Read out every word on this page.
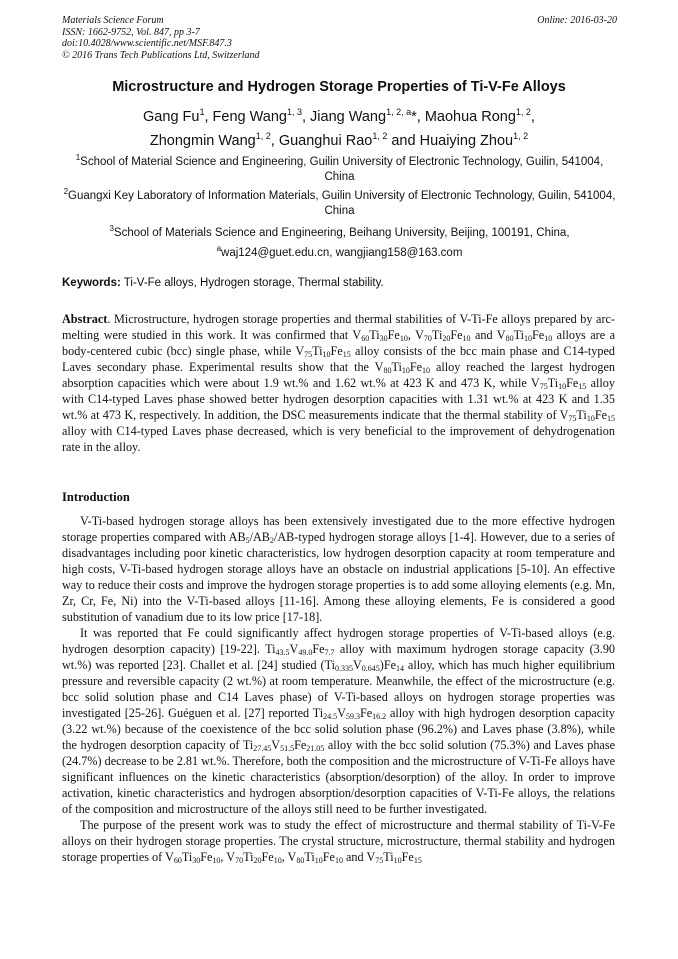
Materials Science Forum
ISSN: 1662-9752, Vol. 847, pp 3-7
doi:10.4028/www.scientific.net/MSF.847.3
© 2016 Trans Tech Publications Ltd, Switzerland
Online: 2016-03-20
Microstructure and Hydrogen Storage Properties of Ti-V-Fe Alloys
Gang Fu$^1$, Feng Wang$^{1, 3}$, Jiang Wang$^{1, 2, a}$*, Maohua Rong$^{1, 2}$,
Zhongmin Wang$^{1, 2}$, Guanghui Rao$^{1, 2}$ and Huaiying Zhou$^{1, 2}$
$^1$School of Material Science and Engineering, Guilin University of Electronic Technology, Guilin, 541004, China
$^2$Guangxi Key Laboratory of Information Materials, Guilin University of Electronic Technology, Guilin, 541004, China
$^3$School of Materials Science and Engineering, Beihang University, Beijing, 100191, China,
$^a$waj124@guet.edu.cn, wangjiang158@163.com
Keywords: Ti-V-Fe alloys, Hydrogen storage, Thermal stability.

Abstract. Microstructure, hydrogen storage properties and thermal stabilities of V-Ti-Fe alloys prepared by arc-melting were studied in this work. It was confirmed that $V_{60}Ti_{30}Fe_{10}$, $V_{70}Ti_{20}Fe_{10}$ and $V_{80}Ti_{10}Fe_{10}$ alloys are a body-centered cubic (bcc) single phase, while $V_{75}Ti_{10}Fe_{15}$ alloy consists of the bcc main phase and C14-typed Laves secondary phase. Experimental results show that the $V_{80}Ti_{10}Fe_{10}$ alloy reached the largest hydrogen absorption capacities which were about 1.9 wt.% and 1.62 wt.% at 423 K and 473 K, while $V_{75}Ti_{10}Fe_{15}$ alloy with C14-typed Laves phase showed better hydrogen desorption capacities with 1.31 wt.% at 423 K and 1.35 wt.% at 473 K, respectively. In addition, the DSC measurements indicate that the thermal stability of $V_{75}Ti_{10}Fe_{15}$ alloy with C14-typed Laves phase decreased, which is very beneficial to the improvement of dehydrogenation rate in the alloy.

Introduction

V-Ti-based hydrogen storage alloys has been extensively investigated due to the more effective hydrogen storage properties compared with $AB_5/AB_2/AB$-typed hydrogen storage alloys [1-4]. However, due to a series of disadvantages including poor kinetic characteristics, low hydrogen desorption capacity at room temperature and high costs, V-Ti-based hydrogen storage alloys have an obstacle on industrial applications [5-10]. An effective way to reduce their costs and improve the hydrogen storage properties is to add some alloying elements (e.g. Mn, Zr, Cr, Fe, Ni) into the V-Ti-based alloys [11-16]. Among these alloying elements, Fe is considered a good substitution of vanadium due to its low price [17-18].

It was reported that Fe could significantly affect hydrogen storage properties of V-Ti-based alloys (e.g. hydrogen desorption capacity) [19-22]. $Ti_{43.5}V_{49.0}Fe_{7.7}$ alloy with maximum hydrogen storage capacity (3.90 wt.%) was reported [23]. Challet et al. [24] studied $(Ti_{0.335}V_{0.645})Fe_{14}$ alloy, which has much higher equilibrium pressure and reversible capacity (2 wt.%) at room temperature. Meanwhile, the effect of the microstructure (e.g. bcc solid solution phase and C14 Laves phase) of V-Ti-based alloys on hydrogen storage properties was investigated [25-26]. Guéguen et al. [27] reported $Ti_{24.5}V_{59.3}Fe_{16.2}$ alloy with high hydrogen desorption capacity (3.22 wt.%) because of the coexistence of the bcc solid solution phase (96.2%) and Laves phase (3.8%), while the hydrogen desorption capacity of $Ti_{27.45}V_{51.5}Fe_{21.05}$ alloy with the bcc solid solution (75.3%) and Laves phase (24.7%) decrease to be 2.81 wt.%. Therefore, both the composition and the microstructure of V-Ti-Fe alloys have significant influences on the kinetic characteristics (absorption/desorption) of the alloy. In order to improve activation, kinetic characteristics and hydrogen absorption/desorption capacities of V-Ti-Fe alloys, the relations of the composition and microstructure of the alloys still need to be further investigated.

The purpose of the present work was to study the effect of microstructure and thermal stability of Ti-V-Fe alloys on their hydrogen storage properties. The crystal structure, microstructure, thermal stability and hydrogen storage properties of $V_{60}Ti_{30}Fe_{10}$, $V_{70}Ti_{20}Fe_{10}$, $V_{80}Ti_{10}Fe_{10}$ and $V_{75}Ti_{10}Fe_{15}$
